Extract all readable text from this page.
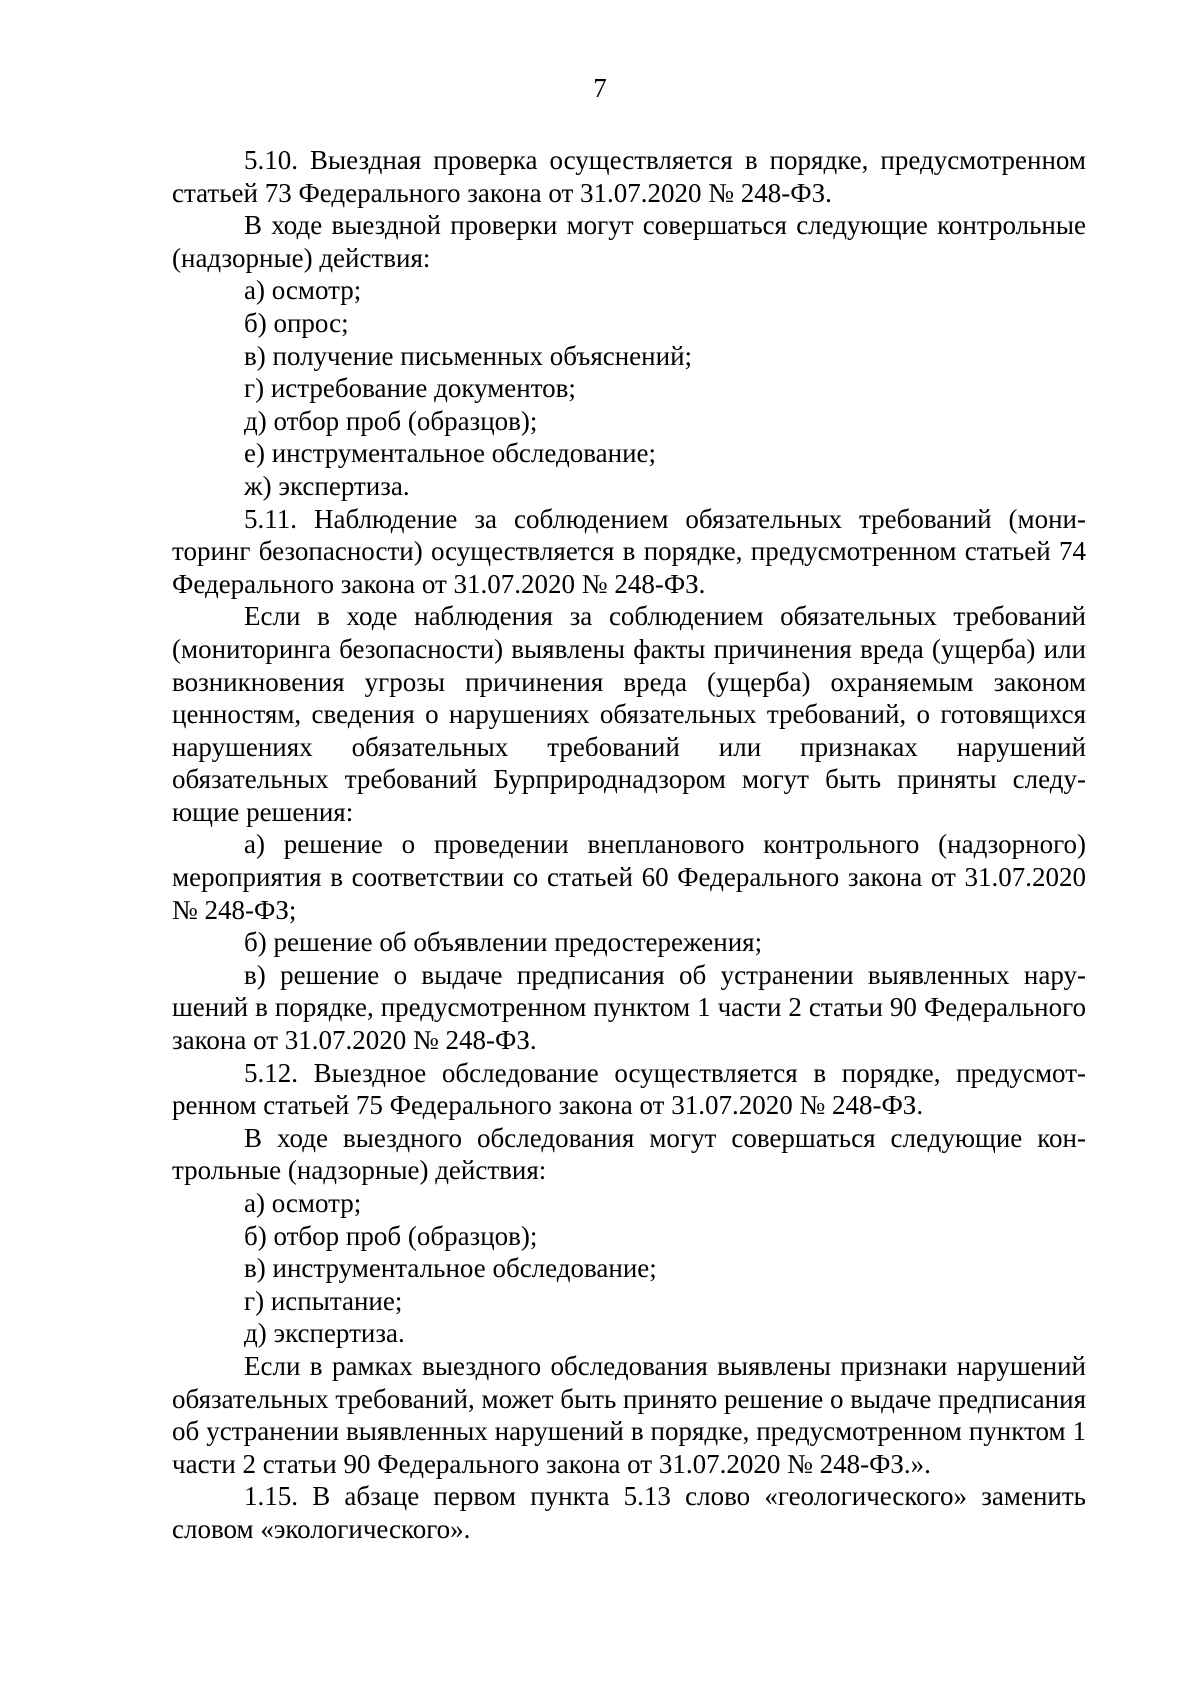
7

5.10. Выездная проверка осуществляется в порядке, предусмотренном статьей 73 Федерального закона от 31.07.2020 № 248-ФЗ.

В ходе выездной проверки могут совершаться следующие контрольные (надзорные) действия:

а) осмотр;

б) опрос;

в) получение письменных объяснений;

г) истребование документов;

д) отбор проб (образцов);

е) инструментальное обследование;

ж) экспертиза.

5.11. Наблюдение за соблюдением обязательных требований (мониторинг безопасности) осуществляется в порядке, предусмотренном статьей 74 Федерального закона от 31.07.2020 № 248-ФЗ.

Если в ходе наблюдения за соблюдением обязательных требований (мониторинга безопасности) выявлены факты причинения вреда (ущерба) или возникновения угрозы причинения вреда (ущерба) охраняемым законом ценностям, сведения о нарушениях обязательных требований, о готовящихся нарушениях обязательных требований или признаках нарушений обязательных требований Бурприроднадзором могут быть приняты следующие решения:

а) решение о проведении внепланового контрольного (надзорного) мероприятия в соответствии со статьей 60 Федерального закона от 31.07.2020 № 248-ФЗ;

б) решение об объявлении предостережения;

в) решение о выдаче предписания об устранении выявленных нарушений в порядке, предусмотренном пунктом 1 части 2 статьи 90 Федерального закона от 31.07.2020 № 248-ФЗ.

5.12. Выездное обследование осуществляется в порядке, предусмотренном статьей 75 Федерального закона от 31.07.2020 № 248-ФЗ.

В ходе выездного обследования могут совершаться следующие контрольные (надзорные) действия:

а) осмотр;

б) отбор проб (образцов);

в) инструментальное обследование;

г) испытание;

д) экспертиза.

Если в рамках выездного обследования выявлены признаки нарушений обязательных требований, может быть принято решение о выдаче предписания об устранении выявленных нарушений в порядке, предусмотренном пунктом 1 части 2 статьи 90 Федерального закона от 31.07.2020 № 248-ФЗ.».

1.15. В абзаце первом пункта 5.13 слово «геологического» заменить словом «экологического».
